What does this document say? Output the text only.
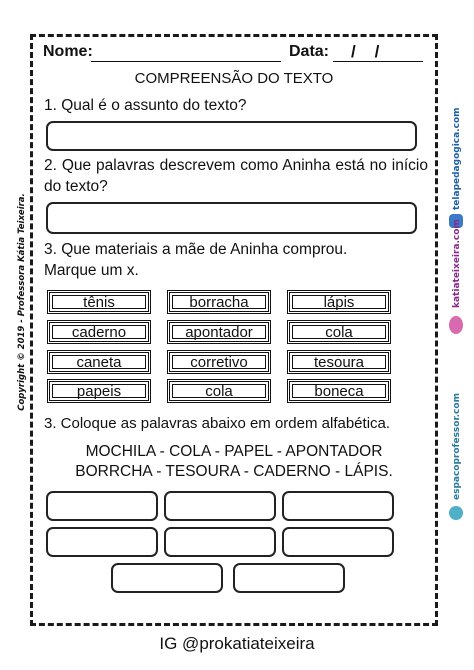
Copyright © 2019 - Professora Kátia Teixeira.
Nome:	Data: /    /
COMPREENSÃO DO TEXTO
1. Qual é o assunto do texto?
2. Que palavras descrevem como Aninha está no início do texto?
3. Que materiais a mãe de Aninha comprou. Marque um x.
tênis	borracha	lápis
caderno	apontador	cola
caneta	corretivo	tesoura
papeis	cola	boneca
3. Coloque as palavras abaixo em ordem alfabética.
MOCHILA - COLA - PAPEL - APONTADOR
BORRCHA - TESOURA - CADERNO - LÁPIS.
telapedagogica.com
katiateixeira.com
espacoprofessor.com
IG @prokatiateixeira
